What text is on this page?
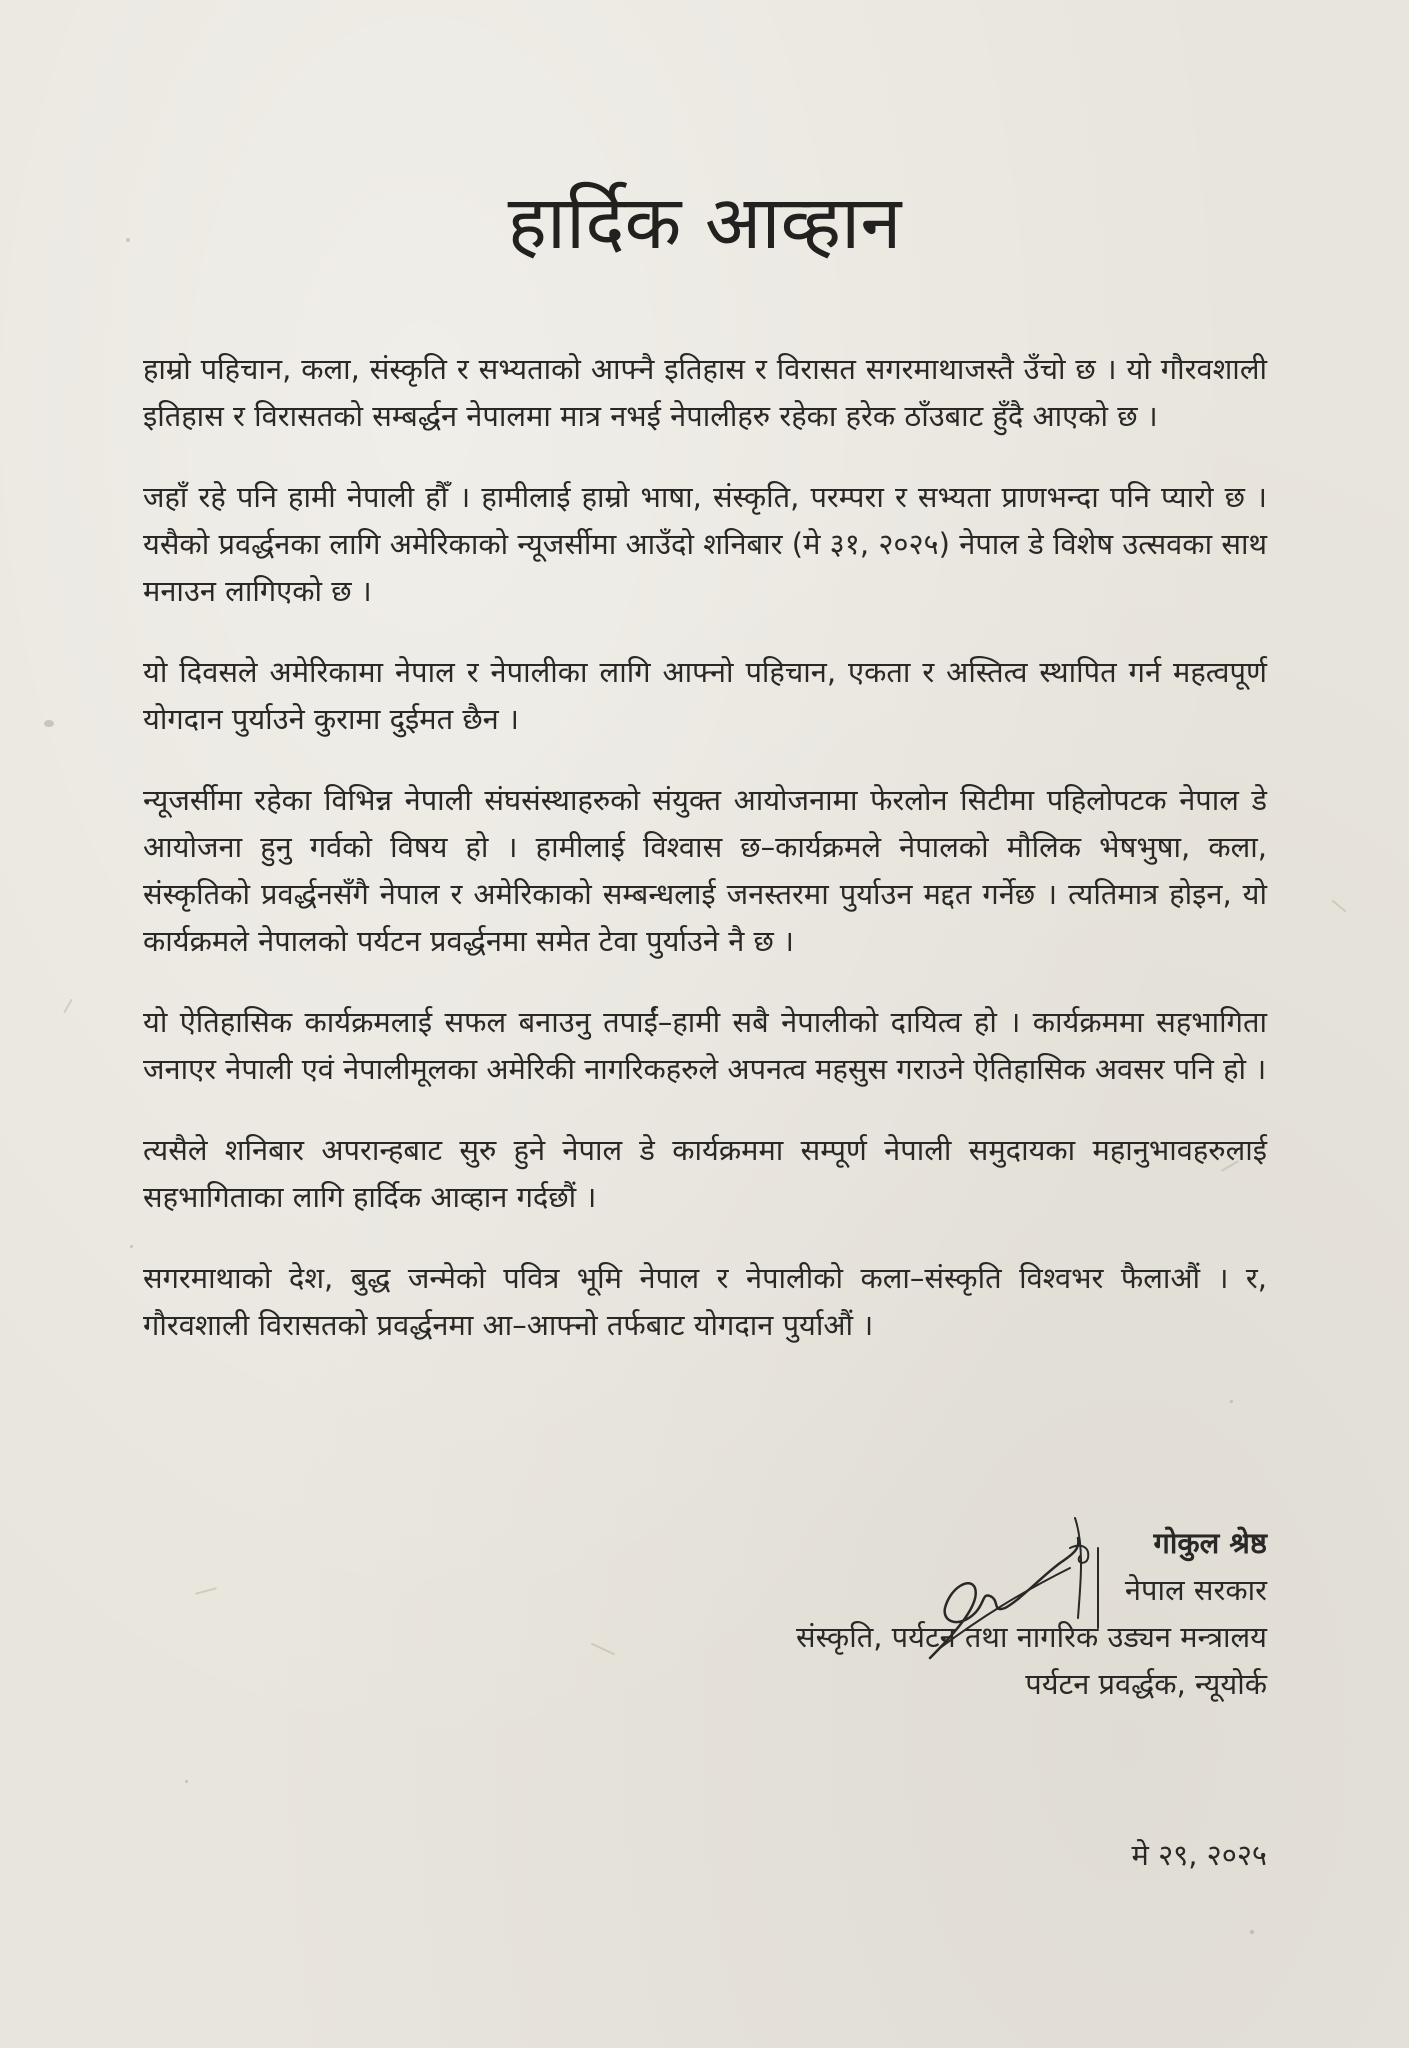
हार्दिक आव्हान

हाम्रो पहिचान, कला, संस्कृति र सभ्यताको आफ्नै इतिहास र विरासत सगरमाथाजस्तै उँचो छ । यो गौरवशाली इतिहास र विरासतको सम्बर्द्धन नेपालमा मात्र नभई नेपालीहरु रहेका हरेक ठाँउबाट हुँदै आएको छ ।

जहाँ रहे पनि हामी नेपाली हौँ । हामीलाई हाम्रो भाषा, संस्कृति, परम्परा र सभ्यता प्राणभन्दा पनि प्यारो छ । यसैको प्रवर्द्धनका लागि अमेरिकाको न्यूजर्सीमा आउँदो शनिबार (मे ३१, २०२५) नेपाल डे विशेष उत्सवका साथ मनाउन लागिएको छ ।

यो दिवसले अमेरिकामा नेपाल र नेपालीका लागि आफ्नो पहिचान, एकता र अस्तित्व स्थापित गर्न महत्वपूर्ण योगदान पुर्याउने कुरामा दुईमत छैन ।

न्यूजर्सीमा रहेका विभिन्न नेपाली संघसंस्थाहरुको संयुक्त आयोजनामा फेरलोन सिटीमा पहिलोपटक नेपाल डे आयोजना हुनु गर्वको विषय हो । हामीलाई विश्वास छ–कार्यक्रमले नेपालको मौलिक भेषभुषा, कला, संस्कृतिको प्रवर्द्धनसँगै नेपाल र अमेरिकाको सम्बन्धलाई जनस्तरमा पुर्याउन मद्दत गर्नेछ । त्यतिमात्र होइन, यो कार्यक्रमले नेपालको पर्यटन प्रवर्द्धनमा समेत टेवा पुर्याउने नै छ ।

यो ऐतिहासिक कार्यक्रमलाई सफल बनाउनु तपाईं–हामी सबै नेपालीको दायित्व हो । कार्यक्रममा सहभागिता जनाएर नेपाली एवं नेपालीमूलका अमेरिकी नागरिकहरुले अपनत्व महसुस गराउने ऐतिहासिक अवसर पनि हो ।

त्यसैले शनिबार अपरान्हबाट सुरु हुने नेपाल डे कार्यक्रममा सम्पूर्ण नेपाली समुदायका महानुभावहरुलाई सहभागिताका लागि हार्दिक आव्हान गर्दछौं ।

सगरमाथाको देश, बुद्ध जन्मेको पवित्र भूमि नेपाल र नेपालीको कला–संस्कृति विश्वभर फैलाऔं । र, गौरवशाली विरासतको प्रवर्द्धनमा आ–आफ्नो तर्फबाट योगदान पुर्याऔं ।

गोकुल श्रेष्ठ

नेपाल सरकार

संस्कृति, पर्यटन तथा नागरिक उड्यन मन्त्रालय

पर्यटन प्रवर्द्धक, न्यूयोर्क

मे २९, २०२५
